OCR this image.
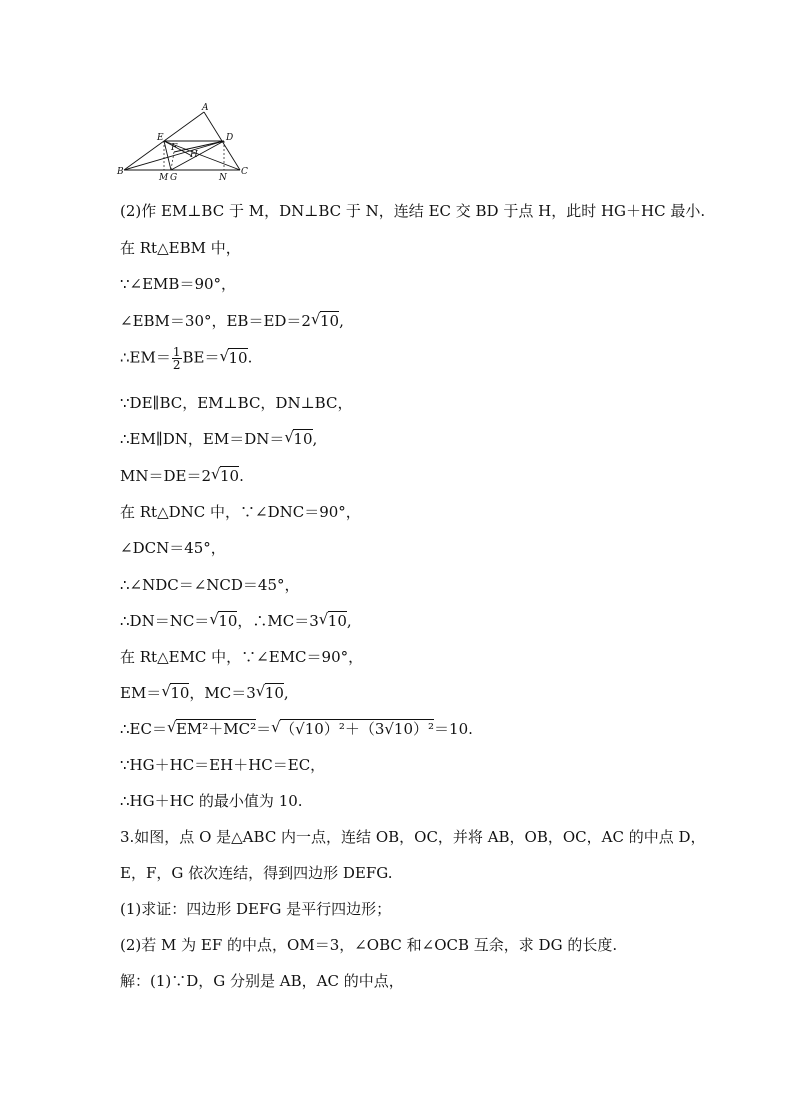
A
E	D
F
H
B
M G	N
C
(2)作 EM⊥BC 于 M，DN⊥BC 于 N，连结 EC 交 BD 于点 H，此时 HG＋HC 最小.
在 Rt△EBM 中，
∵∠EMB＝90°，
∠EBM＝30°，EB＝ED＝2√ 10,
∴EM＝ $\frac{1}{2} BE=√$ 10.
∵DE∥BC，EM⊥BC，DN⊥BC，
∴EM∥DN，EM＝DN＝√ 10,
MN＝DE＝2√ 10.
在 Rt△DNC 中，∵∠DNC＝90°，
∠DCN＝45°，
∴∠NDC＝∠NCD＝45°，
∴DN＝NC＝√ 10，∴MC＝3√ 10,
在 Rt△EMC 中，∵∠EMC＝90°，
EM＝√ 10，MC＝3√ 10,
∴EC＝√ EM²＋MC²＝√ （√10）²＋（3√10）²＝10.
∵HG＋HC＝EH＋HC＝EC，
∴HG＋HC 的最小值为 10.
3.如图，点 O 是△ABC 内一点，连结 OB，OC，并将 AB，OB，OC，AC 的中点 D，
E，F，G 依次连结，得到四边形 DEFG.
(1)求证：四边形 DEFG 是平行四边形；
(2)若 M 为 EF 的中点，OM＝3，∠OBC 和∠OCB 互余，求 DG 的长度.
解：(1)∵D，G 分别是 AB，AC 的中点，
